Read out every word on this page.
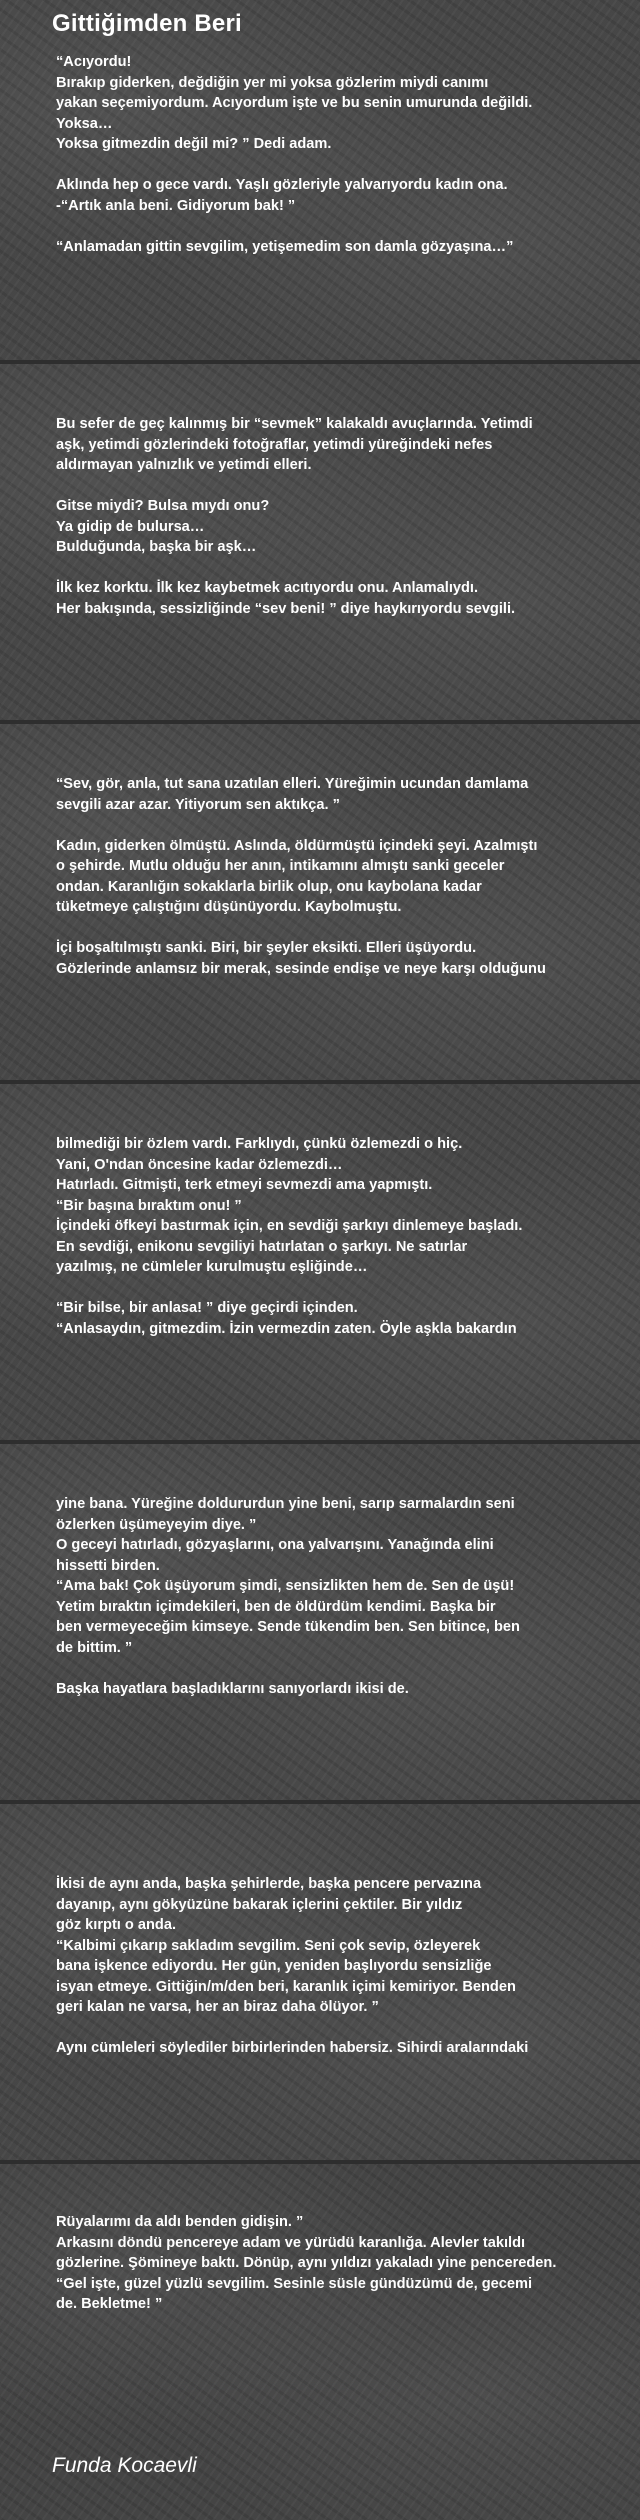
Gittiğimden Beri

“Acıyordu!
Bırakıp giderken, değdiğin yer mi yoksa gözlerim miydi canımı
yakan seçemiyordum. Acıyordum işte ve bu senin umurunda değildi.
Yoksa…
Yoksa gitmezdin değil mi? ” Dedi adam.

Aklında hep o gece vardı. Yaşlı gözleriyle yalvarıyordu kadın ona.
-“Artık anla beni. Gidiyorum bak! ”

“Anlamadan gittin sevgilim, yetişemedim son damla gözyaşına…”

Bu sefer de geç kalınmış bir “sevmek” kalakaldı avuçlarında. Yetimdi
aşk, yetimdi gözlerindeki fotoğraflar, yetimdi yüreğindeki nefes
aldırmayan yalnızlık ve yetimdi elleri.

Gitse miydi? Bulsa mıydı onu?
Ya gidip de bulursa…
Bulduğunda, başka bir aşk…

İlk kez korktu. İlk kez kaybetmek acıtıyordu onu. Anlamalıydı.
Her bakışında, sessizliğinde “sev beni! ” diye haykırıyordu sevgili.

“Sev, gör, anla, tut sana uzatılan elleri. Yüreğimin ucundan damlama
sevgili azar azar. Yitiyorum sen aktıkça. ”

Kadın, giderken ölmüştü. Aslında, öldürmüştü içindeki şeyi. Azalmıştı
o şehirde. Mutlu olduğu her anın, intikamını almıştı sanki geceler
ondan. Karanlığın sokaklarla birlik olup, onu kaybolana kadar
tüketmeye çalıştığını düşünüyordu. Kaybolmuştu.

İçi boşaltılmıştı sanki. Biri, bir şeyler eksikti. Elleri üşüyordu.
Gözlerinde anlamsız bir merak, sesinde endişe ve neye karşı olduğunu

bilmediği bir özlem vardı. Farklıydı, çünkü özlemezdi o hiç.
Yani, O'ndan öncesine kadar özlemezdi…
Hatırladı. Gitmişti, terk etmeyi sevmezdi ama yapmıştı.
“Bir başına bıraktım onu! ”
İçindeki öfkeyi bastırmak için, en sevdiği şarkıyı dinlemeye başladı.
En sevdiği, enikonu sevgiliyi hatırlatan o şarkıyı. Ne satırlar
yazılmış, ne cümleler kurulmuştu eşliğinde…

“Bir bilse, bir anlasa! ” diye geçirdi içinden.
“Anlasaydın, gitmezdim. İzin vermezdin zaten. Öyle aşkla bakardın

yine bana. Yüreğine doldururdun yine beni, sarıp sarmalardın seni
özlerken üşümeyeyim diye. ”
O geceyi hatırladı, gözyaşlarını, ona yalvarışını. Yanağında elini
hissetti birden.
“Ama bak! Çok üşüyorum şimdi, sensizlikten hem de. Sen de üşü!
Yetim bıraktın içimdekileri, ben de öldürdüm kendimi. Başka bir
ben vermeyeceğim kimseye. Sende tükendim ben. Sen bitince, ben
de bittim. ”

Başka hayatlara başladıklarını sanıyorlardı ikisi de.

İkisi de aynı anda, başka şehirlerde, başka pencere pervazına
dayanıp, aynı gökyüzüne bakarak içlerini çektiler. Bir yıldız
göz kırptı o anda.
“Kalbimi çıkarıp sakladım sevgilim. Seni çok sevip, özleyerek
bana işkence ediyordu. Her gün, yeniden başlıyordu sensizliğe
isyan etmeye. Gittiğin/m/den beri, karanlık içimi kemiriyor. Benden
geri kalan ne varsa, her an biraz daha ölüyor. ”

Aynı cümleleri söylediler birbirlerinden habersiz. Sihirdi aralarındaki

Rüyalarımı da aldı benden gidişin. ”
Arkasını döndü pencereye adam ve yürüdü karanlığa. Alevler takıldı
gözlerine. Şömineye baktı. Dönüp, aynı yıldızı yakaladı yine pencereden.
“Gel işte, güzel yüzlü sevgilim. Sesinle süsle gündüzümü de, gecemi
de. Bekletme! ”

Funda Kocaevli
